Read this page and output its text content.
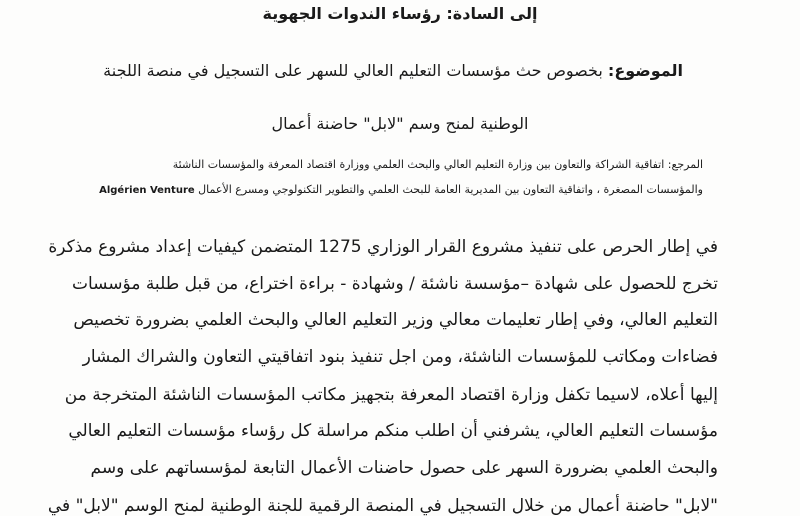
إلى السادة: رؤساء الندوات الجهوية
الموضوع: بخصوص حث مؤسسات التعليم العالي للسهر على التسجيل في منصة اللجنة
الوطنية لمنح وسم "لابل" حاضنة أعمال
المرجع: اتفاقية الشراكة والتعاون بين وزارة التعليم العالي والبحث العلمي ووزارة اقتصاد المعرفة والمؤسسات الناشئة
والمؤسسات المصغرة ، واتفاقية التعاون بين المديرية العامة للبحث العلمي والتطوير التكنولوجي ومسرع الأعمال Algérien Venture
في إطار الحرص على تنفيذ مشروع القرار الوزاري 1275 المتضمن كيفيات إعداد مشروع مذكرة
تخرج للحصول على شهادة –مؤسسة ناشئة / وشهادة - براءة اختراع، من قبل طلبة مؤسسات
التعليم العالي، وفي إطار تعليمات معالي وزير التعليم العالي والبحث العلمي بضرورة تخصيص
فضاءات ومكاتب للمؤسسات الناشئة، ومن اجل تنفيذ بنود اتفاقيتي التعاون والشراك المشار
إليها أعلاه، لاسيما تكفل وزارة اقتصاد المعرفة بتجهيز مكاتب المؤسسات الناشئة المتخرجة من
مؤسسات التعليم العالي، يشرفني أن اطلب منكم مراسلة كل رؤساء مؤسسات التعليم العالي
والبحث العلمي بضرورة السهر على حصول حاضنات الأعمال التابعة لمؤسساتهم على وسم
"لابل" حاضنة أعمال من خلال التسجيل في المنصة الرقمية للجنة الوطنية لمنح الوسم "لابل" في
